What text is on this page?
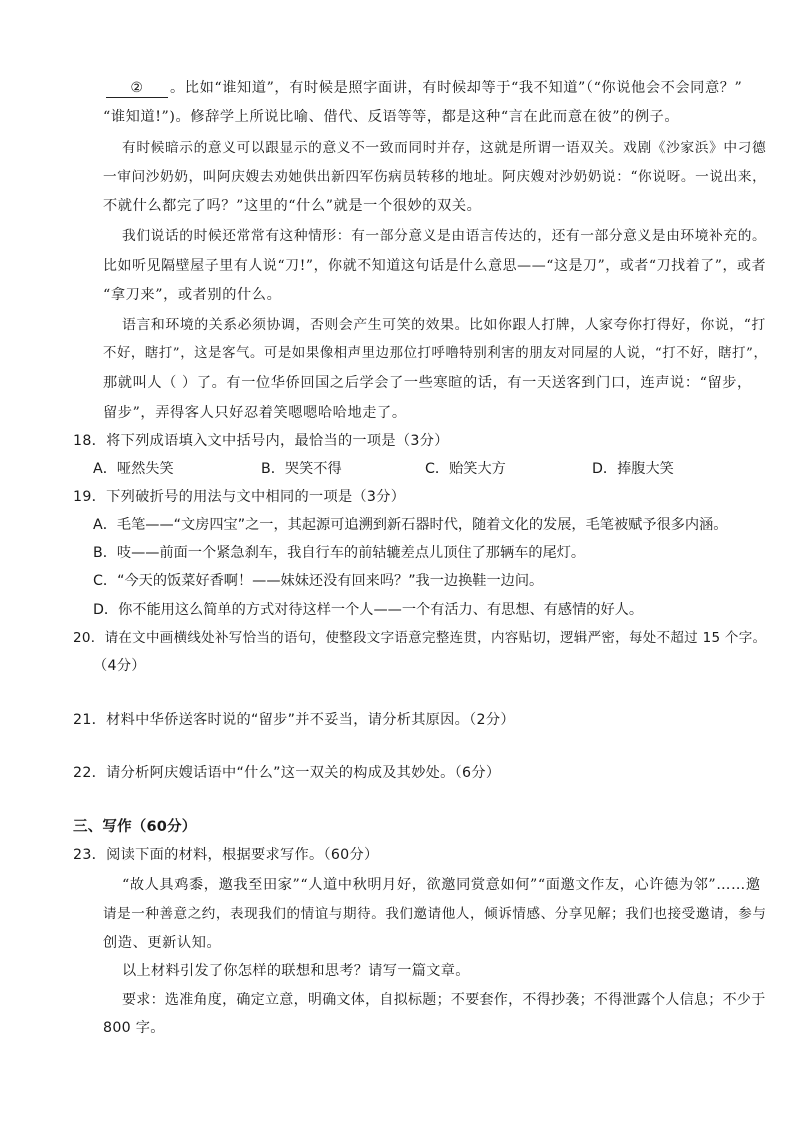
② 。比如“谁知道”，有时候是照字面讲，有时候却等于“我不知道”（“你说他会不会同意？”
“谁知道!”)。修辞学上所说比喻、借代、反语等等，都是这种“言在此而意在彼”的例子。
有时候暗示的意义可以跟显示的意义不一致而同时并存，这就是所谓一语双关。戏剧《沙家浜》中刁德
一审问沙奶奶，叫阿庆嫂去劝她供出新四军伤病员转移的地址。阿庆嫂对沙奶奶说：“你说呀。一说出来，
不就什么都完了吗？”这里的“什么”就是一个很妙的双关。
我们说话的时候还常常有这种情形：有一部分意义是由语言传达的，还有一部分意义是由环境补充的。
比如听见隔壁屋子里有人说“刀!”，你就不知道这句话是什么意思——“这是刀”，或者“刀找着了”，或者
“拿刀来”，或者别的什么。
语言和环境的关系必须协调，否则会产生可笑的效果。比如你跟人打牌，人家夸你打得好，你说，“打
不好，瞎打”，这是客气。可是如果像相声里边那位打呼噜特别利害的朋友对同屋的人说，“打不好，瞎打”，
那就叫人（ ）了。有一位华侨回国之后学会了一些寒暄的话，有一天送客到门口，连声说：“留步，
留步”，弄得客人只好忍着笑嗯嗯哈哈地走了。
18．将下列成语填入文中括号内，最恰当的一项是（3分）
A．哑然失笑	B．哭笑不得	C．贻笑大方	D．捧腹大笑
19．下列破折号的用法与文中相同的一项是（3分）
A．毛笔——“文房四宝”之一，其起源可追溯到新石器时代，随着文化的发展，毛笔被赋予很多内涵。
B．吱——前面一个紧急刹车，我自行车的前轱辘差点儿顶住了那辆车的尾灯。
C．“今天的饭菜好香啊！——妹妹还没有回来吗？”我一边换鞋一边问。
D．你不能用这么简单的方式对待这样一个人——一个有活力、有思想、有感情的好人。
20．请在文中画横线处补写恰当的语句，使整段文字语意完整连贯，内容贴切，逻辑严密，每处不超过 15 个字。
（4分）
21．材料中华侨送客时说的“留步”并不妥当，请分析其原因。（2分）
22．请分析阿庆嫂话语中“什么”这一双关的构成及其妙处。（6分）
三、写作（60分）
23．阅读下面的材料，根据要求写作。（60分）
“故人具鸡黍，邀我至田家”“人道中秋明月好，欲邀同赏意如何”“面邀文作友，心许德为邻”……邀
请是一种善意之约，表现我们的情谊与期待。我们邀请他人，倾诉情感、分享见解；我们也接受邀请，参与
创造、更新认知。
以上材料引发了你怎样的联想和思考？请写一篇文章。
要求：选准角度，确定立意，明确文体，自拟标题；不要套作，不得抄袭；不得泄露个人信息；不少于
800 字。
